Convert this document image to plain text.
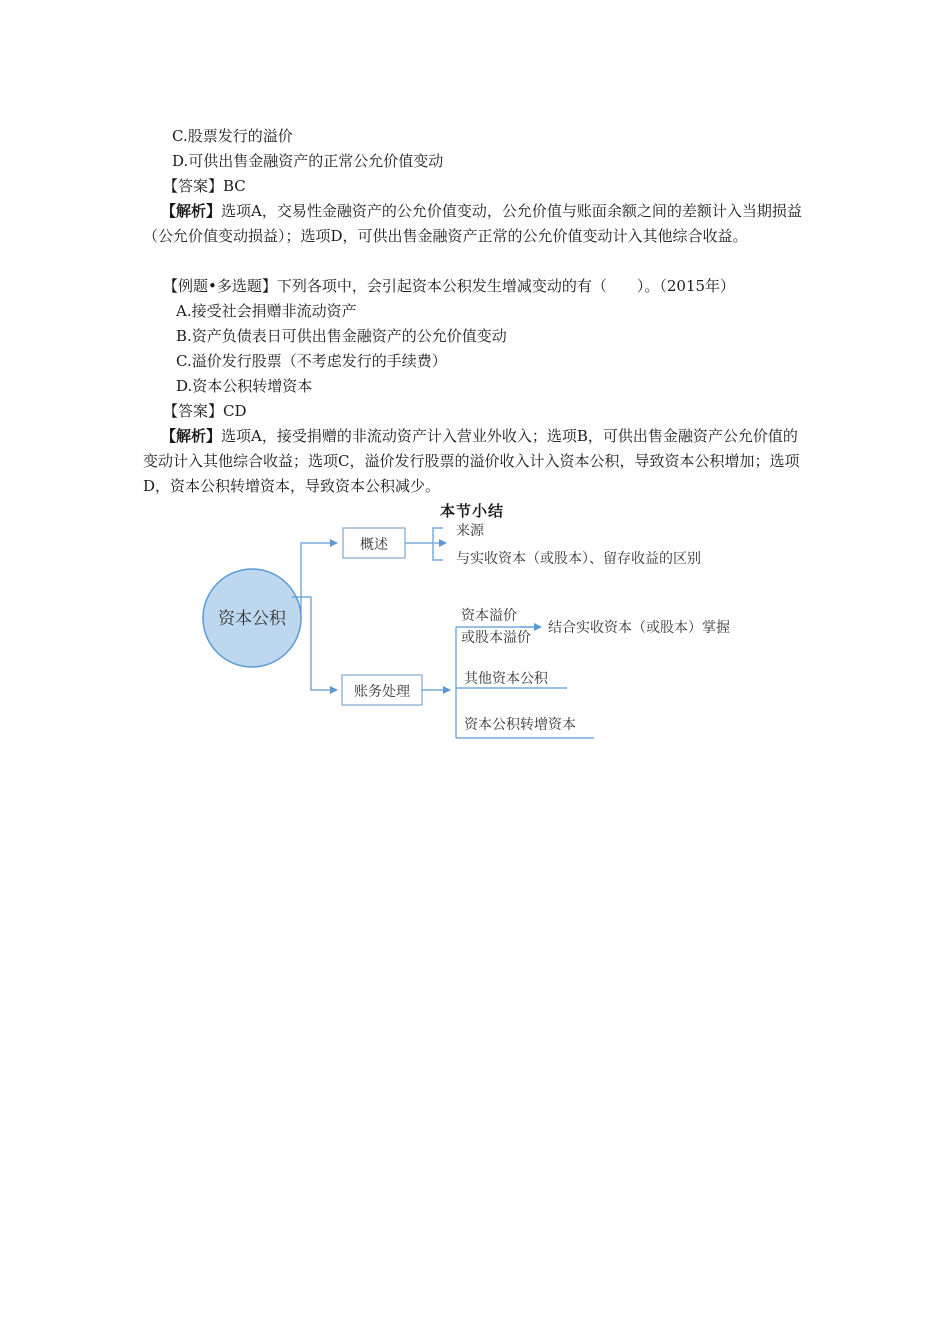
C.股票发行的溢价
D.可供出售金融资产的正常公允价值变动
【答案】BC
【解析】选项A，交易性金融资产的公允价值变动，公允价值与账面余额之间的差额计入当期损益（公允价值变动损益）；选项D，可供出售金融资产正常的公允价值变动计入其他综合收益。
【例题•多选题】下列各项中，会引起资本公积发生增减变动的有（　　）。（2015年）
A.接受社会捐赠非流动资产
B.资产负债表日可供出售金融资产的公允价值变动
C.溢价发行股票（不考虑发行的手续费）
D.资本公积转增资本
【答案】CD
【解析】选项A，接受捐赠的非流动资产计入营业外收入；选项B，可供出售金融资产公允价值的变动计入其他综合收益；选项C，溢价发行股票的溢价收入计入资本公积，导致资本公积增加；选项D，资本公积转增资本，导致资本公积减少。
本节小结
资本公积
概述
来源
与实收资本（或股本）、留存收益的区别
账务处理
资本溢价
或股本溢价
结合实收资本（或股本）掌握
其他资本公积
资本公积转增资本
